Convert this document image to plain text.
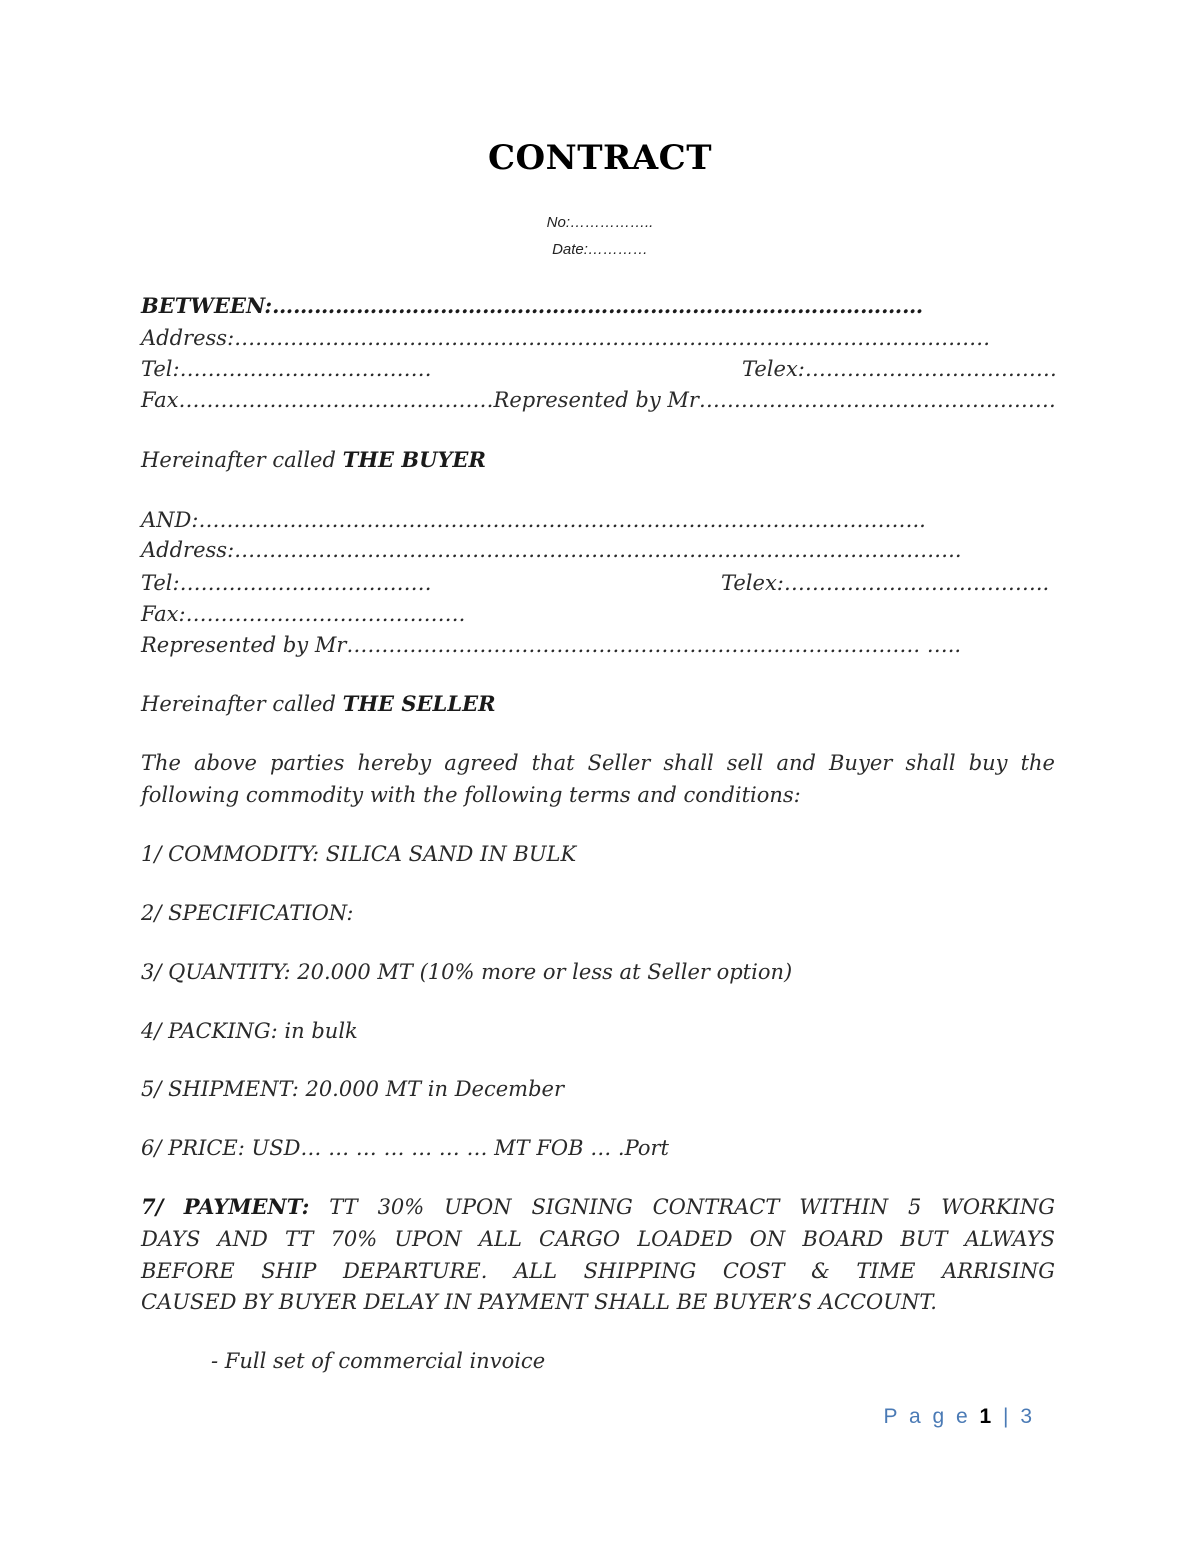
CONTRACT
No:……………..
Date:…………
BETWEEN:…………………………………………………………………………………
Address:………………………………………………………………………………………………
Tel:………………………………	Telex:………………………………
Fax………………………………………Represented by Mr……………………………………………
Hereinafter called THE BUYER
AND:…………………………………………………………………………………………..
Address:…………………………………………………………………………………………..
Tel:………………………………	Telex:………………………………..
Fax:………………………………….
Represented by Mr………………………………………………………………………. …..
Hereinafter called THE SELLER
The above parties hereby agreed that Seller shall sell and Buyer shall buy the
following commodity with the following terms and conditions:
1/ COMMODITY: SILICA SAND IN BULK
2/ SPECIFICATION:
3/ QUANTITY: 20.000 MT (10% more or less at Seller option)
4/ PACKING: in bulk
5/ SHIPMENT: 20.000 MT in December
6/ PRICE: USD… … … … … … … MT FOB … .Port
7/ PAYMENT: TT 30% UPON SIGNING CONTRACT WITHIN 5 WORKING
DAYS AND TT 70% UPON ALL CARGO LOADED ON BOARD BUT ALWAYS
BEFORE SHIP DEPARTURE. ALL SHIPPING COST & TIME ARRISING
CAUSED BY BUYER DELAY IN PAYMENT SHALL BE BUYER’S ACCOUNT.
- Full set of commercial invoice
P a g e 1 | 3
